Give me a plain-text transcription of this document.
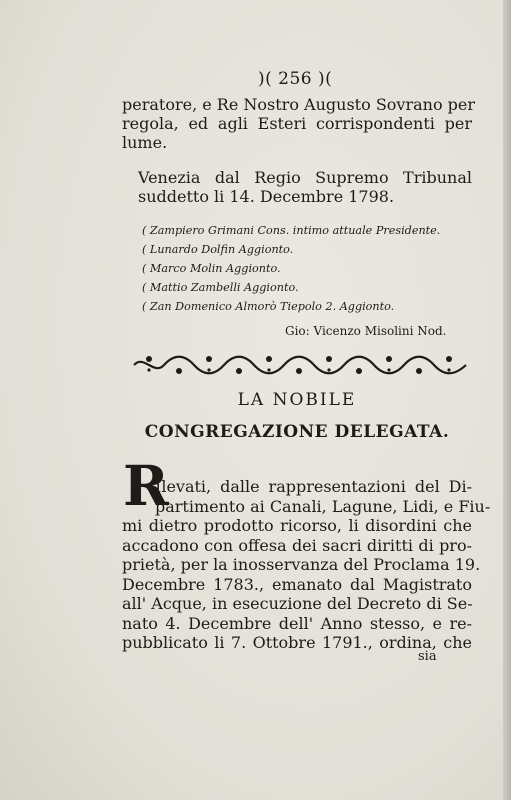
)( 256 )(
peratore, e Re Nostro Augusto Sovrano per
regola, ed agli Esteri corrispondenti per
lume.
Venezia dal Regio Supremo Tribunal
suddetto li 14. Decembre 1798.
( Zampiero Grimani Cons. intimo attuale Presidente.
( Lunardo Dolfin Aggionto.
( Marco Molin Aggionto.
( Mattio Zambelli Aggionto.
( Zan Domenico Almorò Tiepolo 2. Aggionto.
Gio: Vicenzo Misolini Nod.
LA NOBILE
CONGREGAZIONE DELEGATA.
R
Ilevati, dalle rappresentazioni del Di-
partimento ai Canali, Lagune, Lidi, e Fiu-
mi dietro prodotto ricorso, li disordini che
accadono con offesa dei sacri diritti di pro-
prietà, per la inosservanza del Proclama 19.
Decembre 1783., emanato dal Magistrato
all' Acque, in esecuzione del Decreto di Se-
nato 4. Decembre dell' Anno stesso, e re-
pubblicato li 7. Ottobre 1791., ordina, che
sia
